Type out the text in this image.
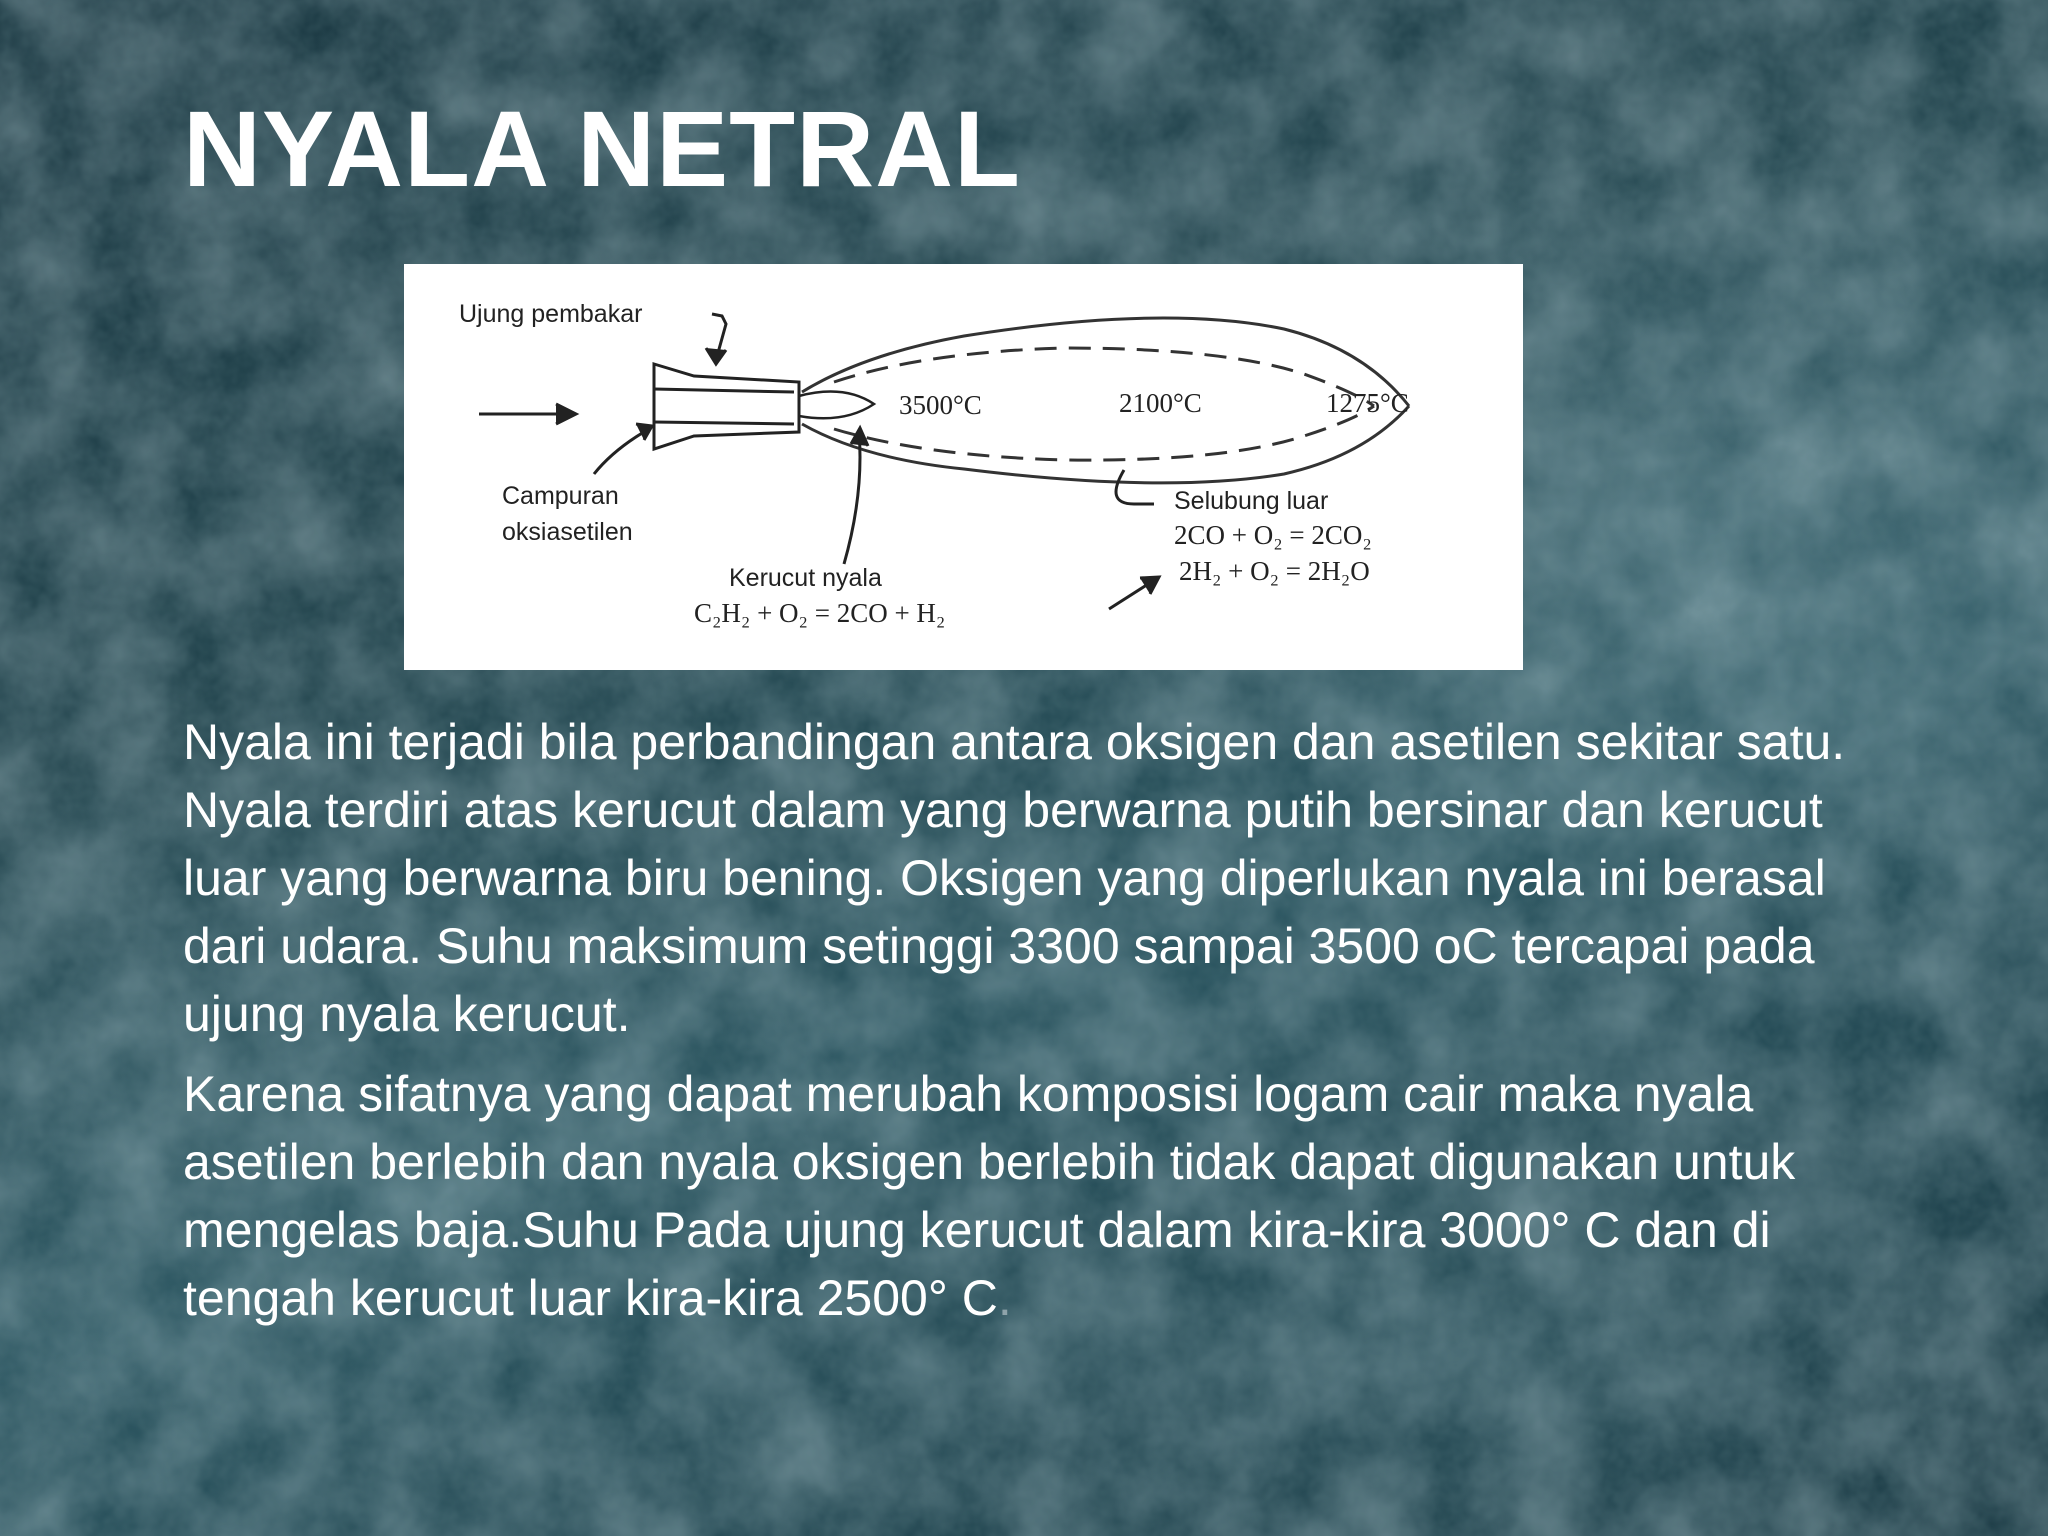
NYALA NETRAL
3500°C	2100°C	1275°C
Ujung pembakar
Campuran
oksiasetilen
Kerucut nyala
C₂H₂ + O₂ = 2CO + H₂
Selubung luar
2CO + O₂ = 2CO₂
2H₂ + O₂ = 2H₂O

Nyala ini terjadi bila perbandingan antara oksigen dan asetilen sekitar satu. Nyala terdiri atas kerucut dalam yang berwarna putih bersinar dan kerucut luar yang berwarna biru bening. Oksigen yang diperlukan nyala ini berasal dari udara. Suhu maksimum setinggi 3300 sampai 3500 oC tercapai pada ujung nyala kerucut.

Karena sifatnya yang dapat merubah komposisi logam cair maka nyala asetilen berlebih dan nyala oksigen berlebih tidak dapat digunakan untuk mengelas baja.Suhu Pada ujung kerucut dalam kira-kira 3000° C dan di tengah kerucut luar kira-kira 2500° C.
